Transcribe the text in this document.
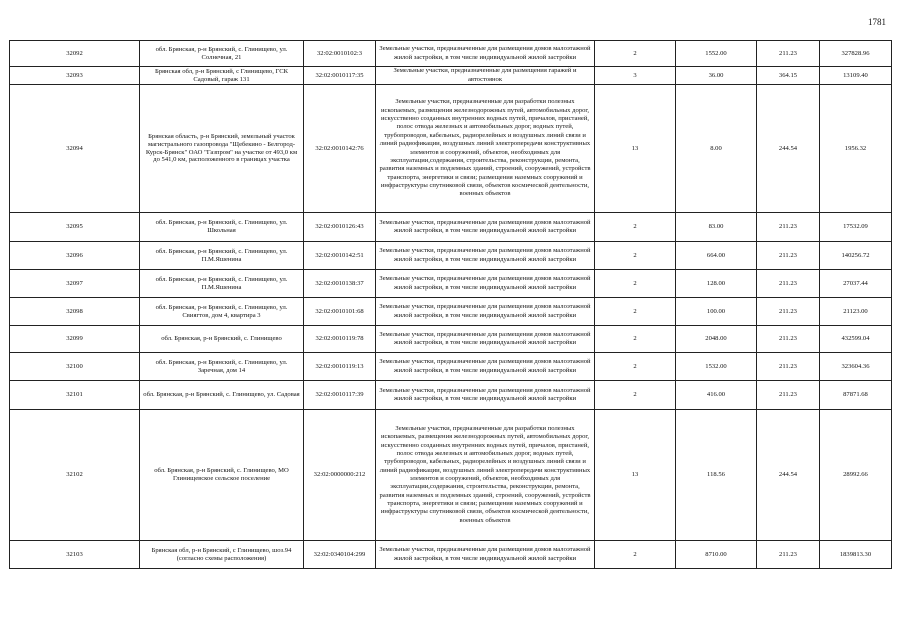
1781
32092	обл. Брянская, р-н Брянский, с. Глинищево, ул. Солнечная, 21	32:02:0010102:3	Земельные участки, предназначенные для размещения домов малоэтажной жилой застройки, в том числе индивидуальной жилой застройки	2	1552.00	211.23	327828.96
32093	Брянская обл, р-н Брянский, с Глинищево, ГСК Садовый, гараж 131	32:02:0010117:35	Земельные участки, предназначенные для размещения гаражей и автостоянок	3	36.00	364.15	13109.40
32094	Брянская область, р-н Брянский, земельный участок магистрального газопровода "Щебекино - Белгород-Курск-Брянск" ОАО "Газпром" на участке от 493,0 км до 541,0 км, расположенного в границах участка	32:02:0010142:76	Земельные участки, предназначенные для разработки полезных ископаемых, размещения железнодорожных путей, автомобильных дорог, искусственно созданных внутренних водных путей, причалов, пристаней, полос отвода железных и автомобильных дорог, водных путей, трубопроводов, кабельных, радиорелейных и воздушных линий связи и линий радиофикации, воздушных линий электропередачи конструктивных элементов и сооружений, объектов, необходимых для эксплуатации,содержания, строительства, реконструкции, ремонта, развития наземных и подземных зданий, строений, сооружений, устройств транспорта, энергетики и связи; размещения наземных сооружений и инфраструктуры спутниковой связи, объектов космической деятельности, военных объектов	13	8.00	244.54	1956.32
32095	обл. Брянская, р-н Брянский, с. Глинищево, ул. Школьная	32:02:0010126:43	Земельные участки, предназначенные для размещения домов малоэтажной жилой застройки, в том числе индивидуальной жилой застройки	2	83.00	211.23	17532.09
32096	обл. Брянская, р-н Брянский, с. Глинищево, ул. П.М.Яшенина	32:02:0010142:51	Земельные участки, предназначенные для размещения домов малоэтажной жилой застройки, в том числе индивидуальной жилой застройки	2	664.00	211.23	140256.72
32097	обл. Брянская, р-н Брянский, с. Глинищево, ул. П.М.Яшенина	32:02:0010138:37	Земельные участки, предназначенные для размещения домов малоэтажной жилой застройки, в том числе индивидуальной жилой застройки	2	128.00	211.23	27037.44
32098	обл. Брянская, р-н Брянский, с. Глинищево, ул. Свиягтов, дом 4, квартира 3	32:02:0010101:68	Земельные участки, предназначенные для размещения домов малоэтажной жилой застройки, в том числе индивидуальной жилой застройки	2	100.00	211.23	21123.00
32099	обл. Брянская, р-н Брянский, с. Глинищево	32:02:0010119:78	Земельные участки, предназначенные для размещения домов малоэтажной жилой застройки, в том числе индивидуальной жилой застройки	2	2048.00	211.23	432599.04
32100	обл. Брянская, р-н Брянский, с. Глинищево, ул. Заречная, дом 14	32:02:0010119:13	Земельные участки, предназначенные для размещения домов малоэтажной жилой застройки, в том числе индивидуальной жилой застройки	2	1532.00	211.23	323604.36
32101	обл. Брянская, р-н Брянский, с. Глинищево, ул. Садовая	32:02:0010117:39	Земельные участки, предназначенные для размещения домов малоэтажной жилой застройки, в том числе индивидуальной жилой застройки	2	416.00	211.23	87871.68
32102	обл. Брянская, р-н Брянский, с. Глинищево, МО Глинищевское сельское поселение	32:02:0000000:212	Земельные участки, предназначенные для разработки полезных ископаемых, размещения железнодорожных путей, автомобильных дорог, искусственно созданных внутренних водных путей, причалов, пристаней, полос отвода железных и автомобильных дорог, водных путей, трубопроводов, кабельных, радиорелейных и воздушных линий связи и линий радиофикации, воздушных линий электропередачи конструктивных элементов и сооружений, объектов, необходимых для эксплуатации,содержания, строительства, реконструкции, ремонта, развития наземных и подземных зданий, строений, сооружений, устройств транспорта, энергетики и связи; размещения наземных сооружений и инфраструктуры спутниковой связи, объектов космической деятельности, военных объектов	13	118.56	244.54	28992.66
32103	Брянская обл, р-н Брянский, с Глинищево, шоз.94 (согласно схемы расположения)	32:02:0340104:299	Земельные участки, предназначенные для размещения домов малоэтажной жилой застройки, в том числе индивидуальной жилой застройки	2	8710.00	211.23	1839813.30
